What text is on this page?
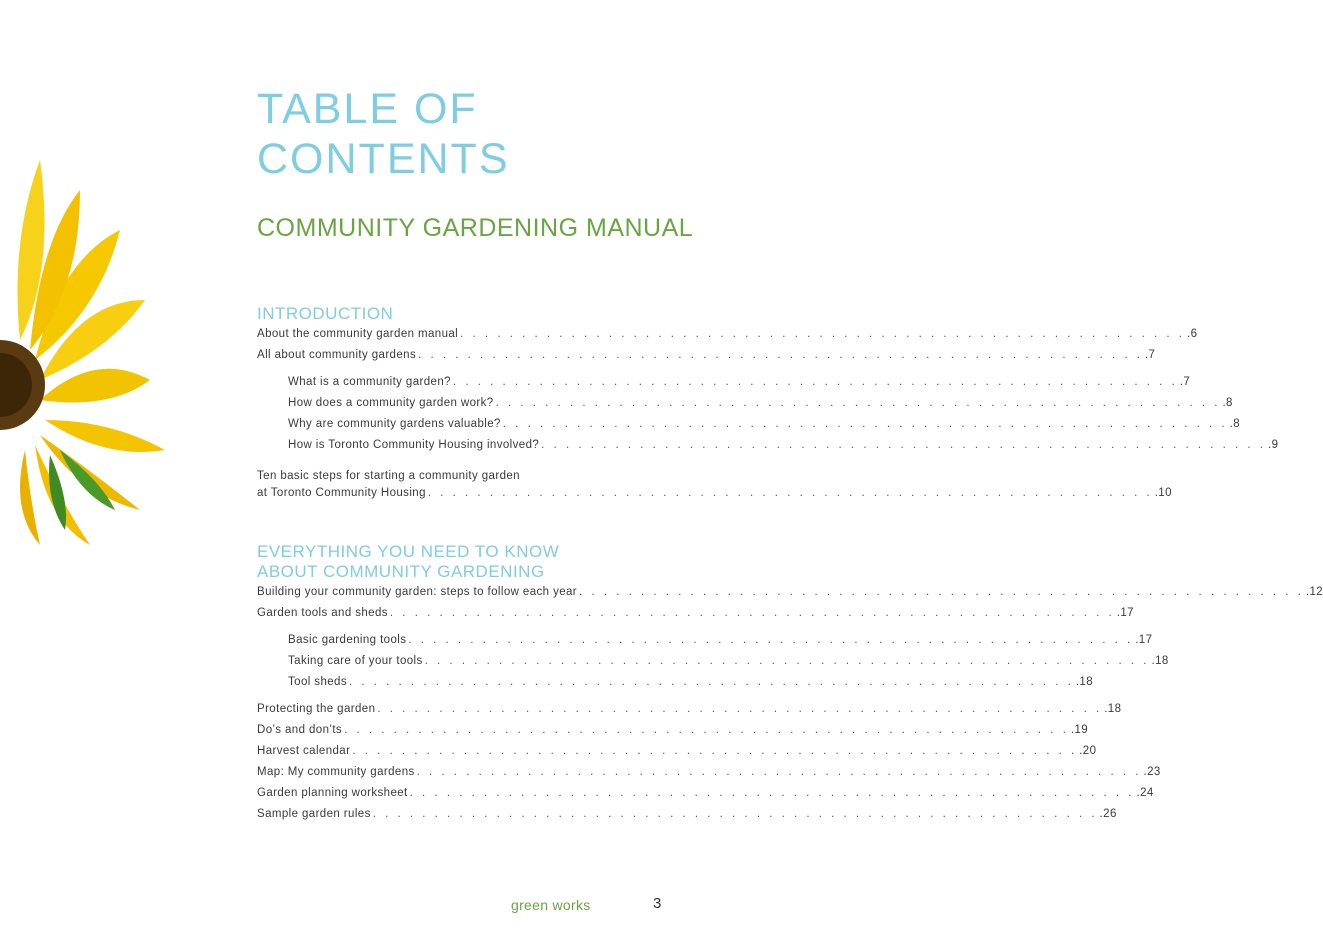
TABLE OF
CONTENTS
COMMUNITY GARDENING MANUAL
INTRODUCTION
About the community garden manual . . . . . . . . . . . . . . . . . . . . . . . . . . . . . . . . . . . . . . . . . . . . . . . . . . . . . . . . . . . .6
All about community gardens . . . . . . . . . . . . . . . . . . . . . . . . . . . . . . . . . . . . . . . . . . . . . . . . . . . . . . . . . . . .7
What is a community garden? . . . . . . . . . . . . . . . . . . . . . . . . . . . . . . . . . . . . . . . . . . . . . . . . . . . . . . . . . . . .7
How does a community garden work? . . . . . . . . . . . . . . . . . . . . . . . . . . . . . . . . . . . . . . . . . . . . . . . . . . . . . . . . . . . .8
Why are community gardens valuable? . . . . . . . . . . . . . . . . . . . . . . . . . . . . . . . . . . . . . . . . . . . . . . . . . . . . . . . . . . . .8
How is Toronto Community Housing involved? . . . . . . . . . . . . . . . . . . . . . . . . . . . . . . . . . . . . . . . . . . . . . . . . . . . . . . . . . . . .9
Ten basic steps for starting a community garden
at Toronto Community Housing . . . . . . . . . . . . . . . . . . . . . . . . . . . . . . . . . . . . . . . . . . . . . . . . . . . . . . . . . . . .10
EVERYTHING YOU NEED TO KNOW
ABOUT COMMUNITY GARDENING
Building your community garden: steps to follow each year . . . . . . . . . . . . . . . . . . . . . . . . . . . . . . . . . . . . . . . . . . . . . . . . . . . . . . . . . . . .12
Garden tools and sheds . . . . . . . . . . . . . . . . . . . . . . . . . . . . . . . . . . . . . . . . . . . . . . . . . . . . . . . . . . . .17
Basic gardening tools . . . . . . . . . . . . . . . . . . . . . . . . . . . . . . . . . . . . . . . . . . . . . . . . . . . . . . . . . . . .17
Taking care of your tools . . . . . . . . . . . . . . . . . . . . . . . . . . . . . . . . . . . . . . . . . . . . . . . . . . . . . . . . . . . .18
Tool sheds . . . . . . . . . . . . . . . . . . . . . . . . . . . . . . . . . . . . . . . . . . . . . . . . . . . . . . . . . . . .18
Protecting the garden . . . . . . . . . . . . . . . . . . . . . . . . . . . . . . . . . . . . . . . . . . . . . . . . . . . . . . . . . . . .18
Do’s and don’ts . . . . . . . . . . . . . . . . . . . . . . . . . . . . . . . . . . . . . . . . . . . . . . . . . . . . . . . . . . . .19
Harvest calendar . . . . . . . . . . . . . . . . . . . . . . . . . . . . . . . . . . . . . . . . . . . . . . . . . . . . . . . . . . . .20
Map: My community gardens . . . . . . . . . . . . . . . . . . . . . . . . . . . . . . . . . . . . . . . . . . . . . . . . . . . . . . . . . . . .23
Garden planning worksheet . . . . . . . . . . . . . . . . . . . . . . . . . . . . . . . . . . . . . . . . . . . . . . . . . . . . . . . . . . . .24
Sample garden rules . . . . . . . . . . . . . . . . . . . . . . . . . . . . . . . . . . . . . . . . . . . . . . . . . . . . . . . . . . . .26
green works	3
